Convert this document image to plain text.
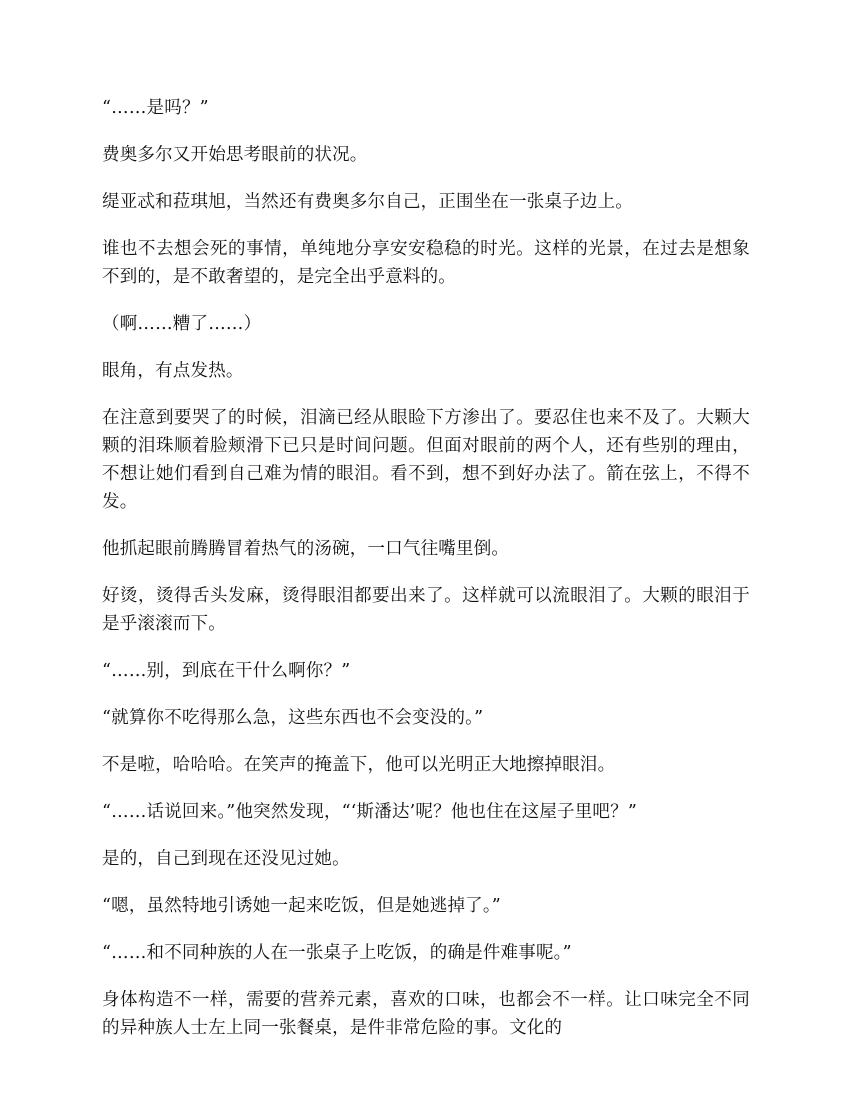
“……是吗？”

费奥多尔又开始思考眼前的状况。

缇亚忒和菈琪旭，当然还有费奥多尔自己，正围坐在一张桌子边上。

谁也不去想会死的事情，单纯地分享安安稳稳的时光。这样的光景，在过去是想象不到的，是不敢奢望的，是完全出乎意料的。

（啊……糟了……）

眼角，有点发热。

在注意到要哭了的时候，泪滴已经从眼睑下方渗出了。要忍住也来不及了。大颗大颗的泪珠顺着脸颊滑下已只是时间问题。但面对眼前的两个人，还有些别的理由，不想让她们看到自己难为情的眼泪。看不到，想不到好办法了。箭在弦上，不得不发。

他抓起眼前腾腾冒着热气的汤碗，一口气往嘴里倒。

好烫，烫得舌头发麻，烫得眼泪都要出来了。这样就可以流眼泪了。大颗的眼泪于是乎滚滚而下。

“……别，到底在干什么啊你？”

“就算你不吃得那么急，这些东西也不会变没的。”

不是啦，哈哈哈。在笑声的掩盖下，他可以光明正大地擦掉眼泪。

“……话说回来。”他突然发现，“‘斯潘达’呢？他也住在这屋子里吧？”

是的，自己到现在还没见过她。

“嗯，虽然特地引诱她一起来吃饭，但是她逃掉了。”

“……和不同种族的人在一张桌子上吃饭，的确是件难事呢。”

身体构造不一样，需要的营养元素，喜欢的口味，也都会不一样。让口味完全不同的异种族人士左上同一张餐桌，是件非常危险的事。文化的
